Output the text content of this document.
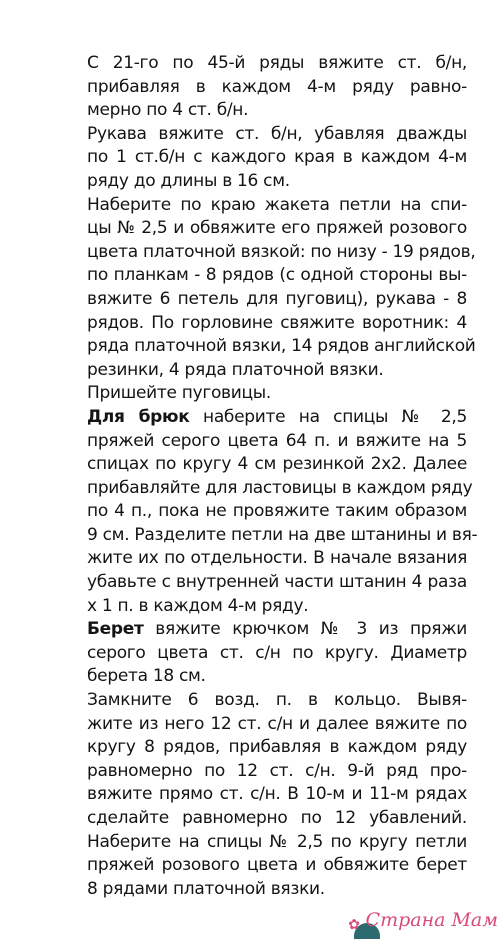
С 21-го по 45-й ряды вяжите ст. б/н,
прибавляя в каждом 4-м ряду равно-
мерно по 4 ст. б/н.
Рукава вяжите ст. б/н, убавляя дважды
по 1 ст.б/н с каждого края в каждом 4-м
ряду до длины в 16 см.
Наберите по краю жакета петли на спи-
цы № 2,5 и обвяжите его пряжей розового
цвета платочной вязкой: по низу - 19 рядов,
по планкам - 8 рядов (с одной стороны вы-
вяжите 6 петель для пуговиц), рукава - 8
рядов. По горловине свяжите воротник: 4
ряда платочной вязки, 14 рядов английской
резинки, 4 ряда платочной вязки.
Пришейте пуговицы.
Для брюк наберите на спицы № 2,5
пряжей серого цвета 64 п. и вяжите на 5
спицах по кругу 4 см резинкой 2х2. Далее
прибавляйте для ластовицы в каждом ряду
по 4 п., пока не провяжите таким образом
9 см. Разделите петли на две штанины и вя-
жите их по отдельности. В начале вязания
убавьте с внутренней части штанин 4 раза
х 1 п. в каждом 4-м ряду.
Берет вяжите крючком № 3 из пряжи
серого цвета ст. с/н по кругу. Диаметр
берета 18 см.
Замкните 6 возд. п. в кольцо. Вывя-
жите из него 12 ст. с/н и далее вяжите по
кругу 8 рядов, прибавляя в каждом ряду
равномерно по 12 ст. с/н. 9-й ряд про-
вяжите прямо ст. с/н. В 10-м и 11-м рядах
сделайте равномерно по 12 убавлений.
Наберите на спицы № 2,5 по кругу петли
пряжей розового цвета и обвяжите берет
8 рядами платочной вязки.
✿ Страна Мам
